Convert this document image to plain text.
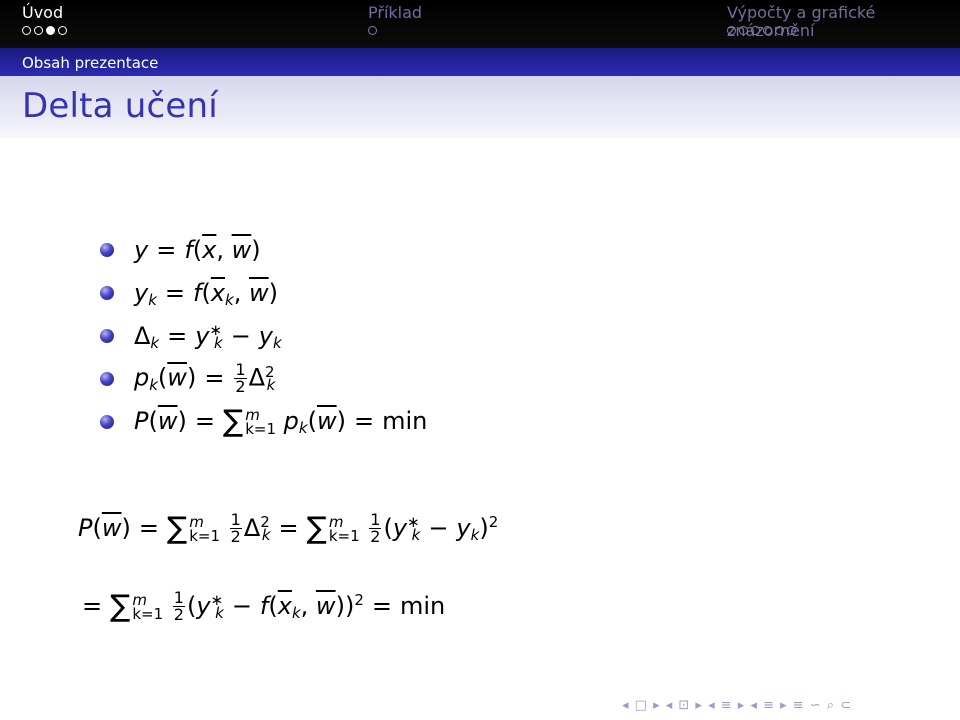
Úvod	Příklad	Výpočty a grafické znázornění
Obsah prezentace
Delta učení
$y = f(\overline{x}$, $\overline{w}$)
$y_k = f(\overline{x}_k$, $\overline{w}$)
$\Delta_k = y^∗_k - y_k$
$p_k(\overline{w}) = \frac{1}{2} \Delta^2_k$
$P(\overline{w})$ = ∑ m
k=1 $p_k(\overline{w}) = \min$
$P(\overline{w})$ = ∑ m
k=1
$\frac{1}{2} \Delta^2_k$ = ∑ m
k=1
$\frac{1}{2} (y^∗_k - y_k)^2$
= ∑ m
k=1
$\frac{1}{2} (y^∗_k - f(\overline{x}_k$, $\overline{w}))^2 = \min$
◂ □ ▸ ◂ ⊡ ▸ ◂ ≡ ▸ ◂ ≡ ▸ ≡ ∽ ⌕ ⊂
